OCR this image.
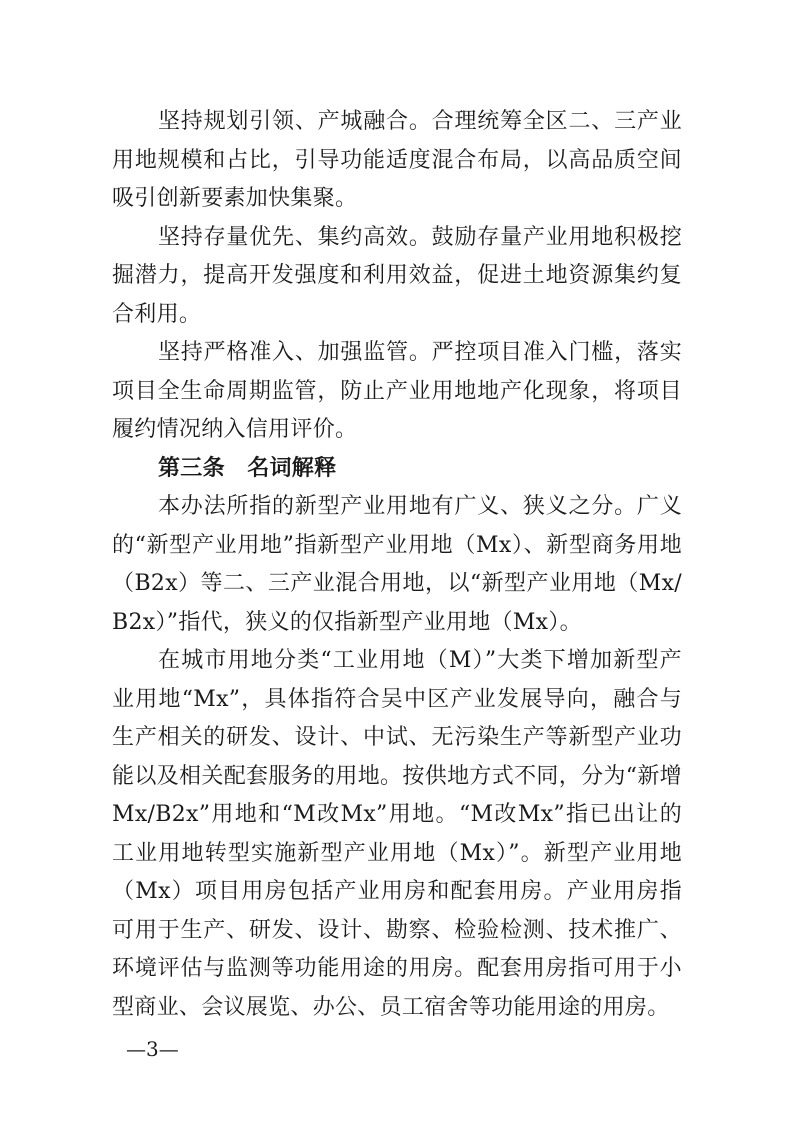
坚持规划引领、产城融合。合理统筹全区二、三产业用地规模和占比，引导功能适度混合布局，以高品质空间吸引创新要素加快集聚。

坚持存量优先、集约高效。鼓励存量产业用地积极挖掘潜力，提高开发强度和利用效益，促进土地资源集约复合利用。

坚持严格准入、加强监管。严控项目准入门槛，落实项目全生命周期监管，防止产业用地地产化现象，将项目履约情况纳入信用评价。

第三条　名词解释

本办法所指的新型产业用地有广义、狭义之分。广义的“新型产业用地”指新型产业用地（Mx）、新型商务用地（B2x）等二、三产业混合用地，以“新型产业用地（Mx/B2x）”指代，狭义的仅指新型产业用地（Mx）。

在城市用地分类“工业用地（M）”大类下增加新型产业用地“Mx”，具体指符合吴中区产业发展导向，融合与生产相关的研发、设计、中试、无污染生产等新型产业功能以及相关配套服务的用地。按供地方式不同，分为“新增Mx/B2x”用地和“M改Mx”用地。“M改Mx”指已出让的工业用地转型实施新型产业用地（Mx）”。新型产业用地（Mx）项目用房包括产业用房和配套用房。产业用房指可用于生产、研发、设计、勘察、检验检测、技术推广、环境评估与监测等功能用途的用房。配套用房指可用于小型商业、会议展览、办公、员工宿舍等功能用途的用房。

—3—
